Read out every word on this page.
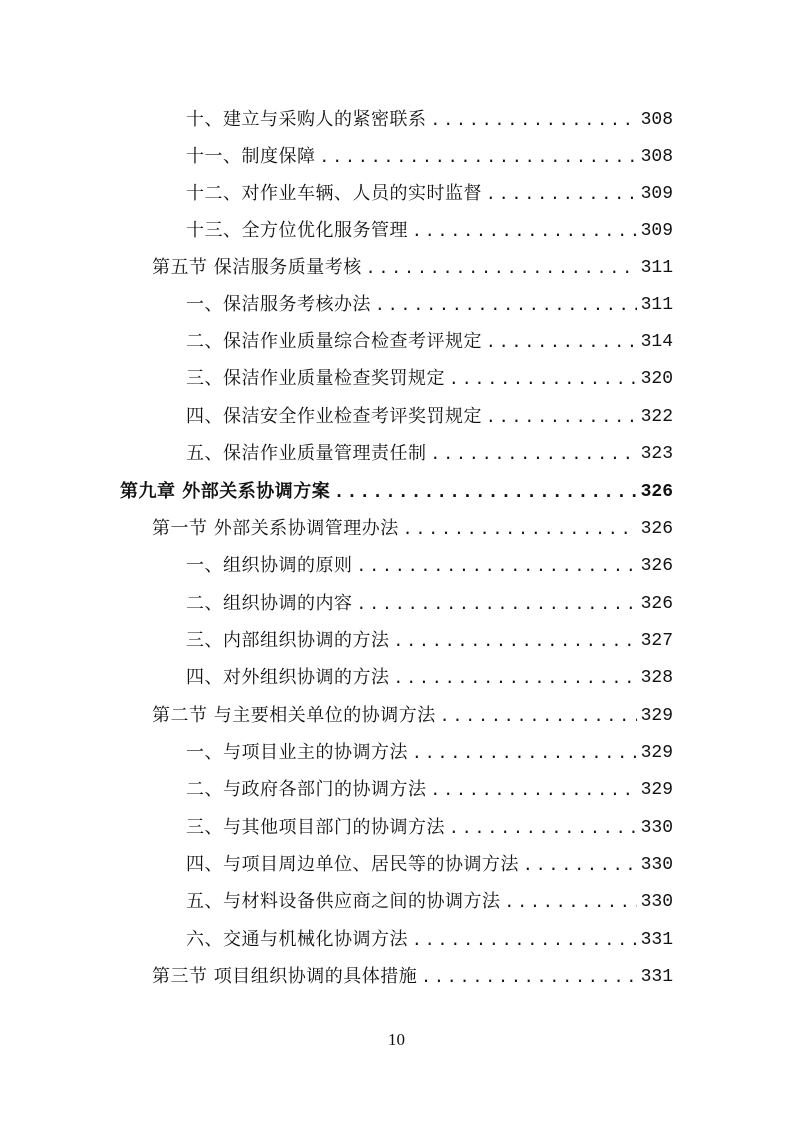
十、建立与采购人的紧密联系 .....	308
十一、制度保障 .....	308
十二、对作业车辆、人员的实时监督 .....	309
十三、全方位优化服务管理 .....	309
第五节 保洁服务质量考核 .....	311
一、保洁服务考核办法 .....	311
二、保洁作业质量综合检查考评规定 .....	314
三、保洁作业质量检查奖罚规定 .....	320
四、保洁安全作业检查考评奖罚规定 .....	322
五、保洁作业质量管理责任制 .....	323
第九章 外部关系协调方案 .....	326
第一节 外部关系协调管理办法 .....	326
一、组织协调的原则 .....	326
二、组织协调的内容 .....	326
三、内部组织协调的方法 .....	327
四、对外组织协调的方法 .....	328
第二节 与主要相关单位的协调方法 .....	329
一、与项目业主的协调方法 .....	329
二、与政府各部门的协调方法 .....	329
三、与其他项目部门的协调方法 .....	330
四、与项目周边单位、居民等的协调方法 .....	330
五、与材料设备供应商之间的协调方法 .....	330
六、交通与机械化协调方法 .....	331
第三节 项目组织协调的具体措施 .....	331
10
